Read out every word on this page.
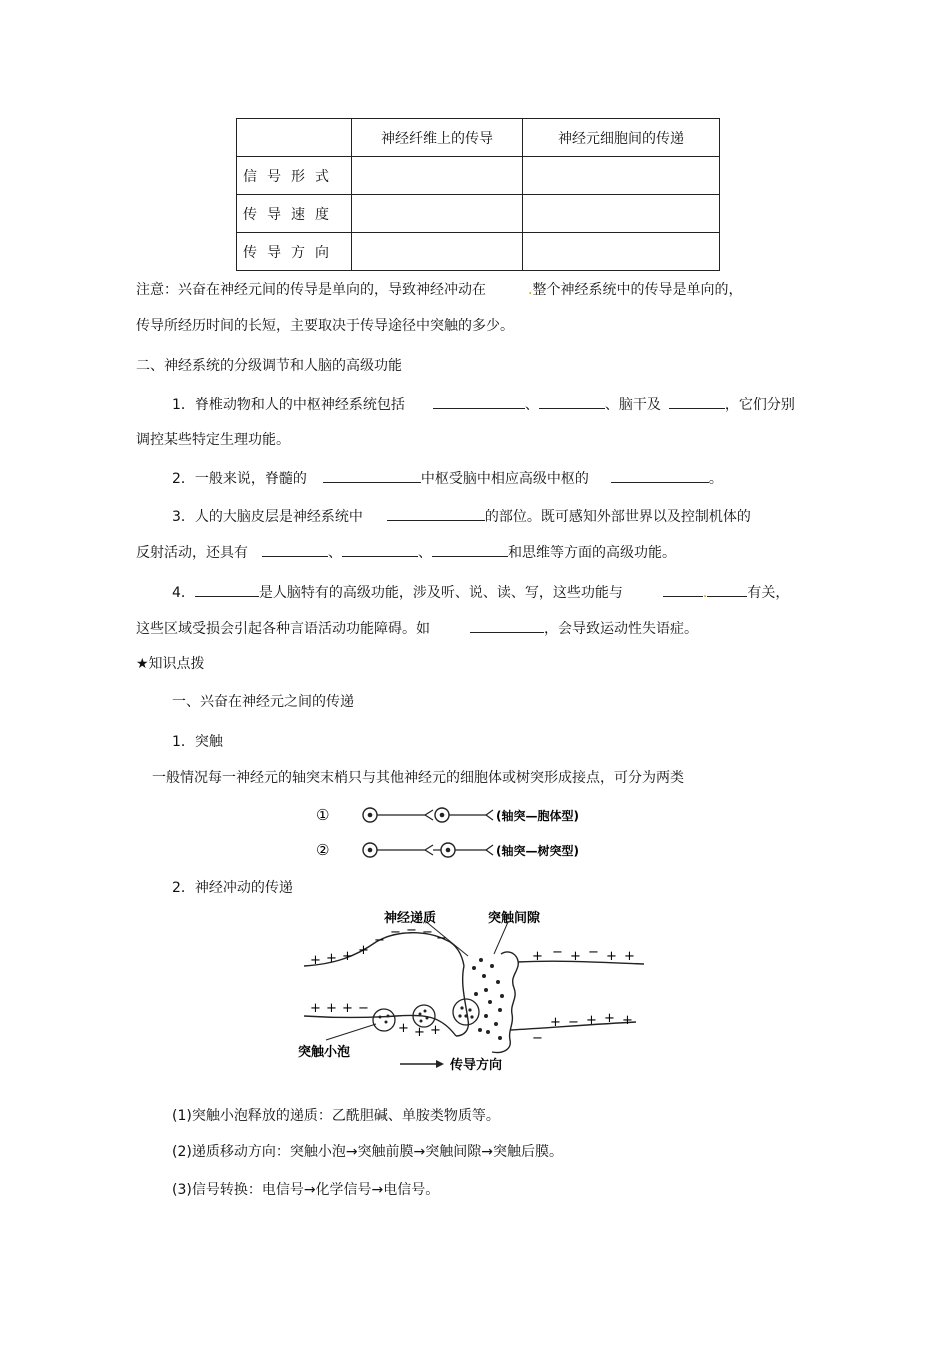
	神经纤维上的传导	神经元细胞间的传递
信号形式		
传导速度		
传导方向		
注意：兴奋在神经元间的传导是单向的，导致神经冲动在	.整个神经系统中的传导是单向的，
传导所经历时间的长短，主要取决于传导途径中突触的多少。
二、神经系统的分级调节和人脑的高级功能
1．脊椎动物和人的中枢神经系统包括	、	、脑干及	，它们分别
调控某些特定生理功能。
2．一般来说，脊髓的	中枢受脑中相应高级中枢的	。
3．人的大脑皮层是神经系统中	的部位。既可感知外部世界以及控制机体的
反射活动，还具有	、	、	和思维等方面的高级功能。
4．	是人脑特有的高级功能，涉及听、说、读、写，这些功能与	.	有关，
这些区域受损会引起各种言语活动功能障碍。如	，会导致运动性失语症。
★知识点拨
一、兴奋在神经元之间的传递
1．突触
一般情况每一神经元的轴突末梢只与其他神经元的细胞体或树突形成接点，可分为两类
①	(轴突—胞体型)
②	(轴突—树突型)
2．神经冲动的传递
神经递质	突触间隙
突触小泡
传导方向
+ + + +
−
− − − −
+ − + − + +
+ + + −
+ + +
−
+ − + + +
(1)突触小泡释放的递质：乙酰胆碱、单胺类物质等。
(2)递质移动方向：突触小泡→突触前膜→突触间隙→突触后膜。
(3)信号转换：电信号→化学信号→电信号。
